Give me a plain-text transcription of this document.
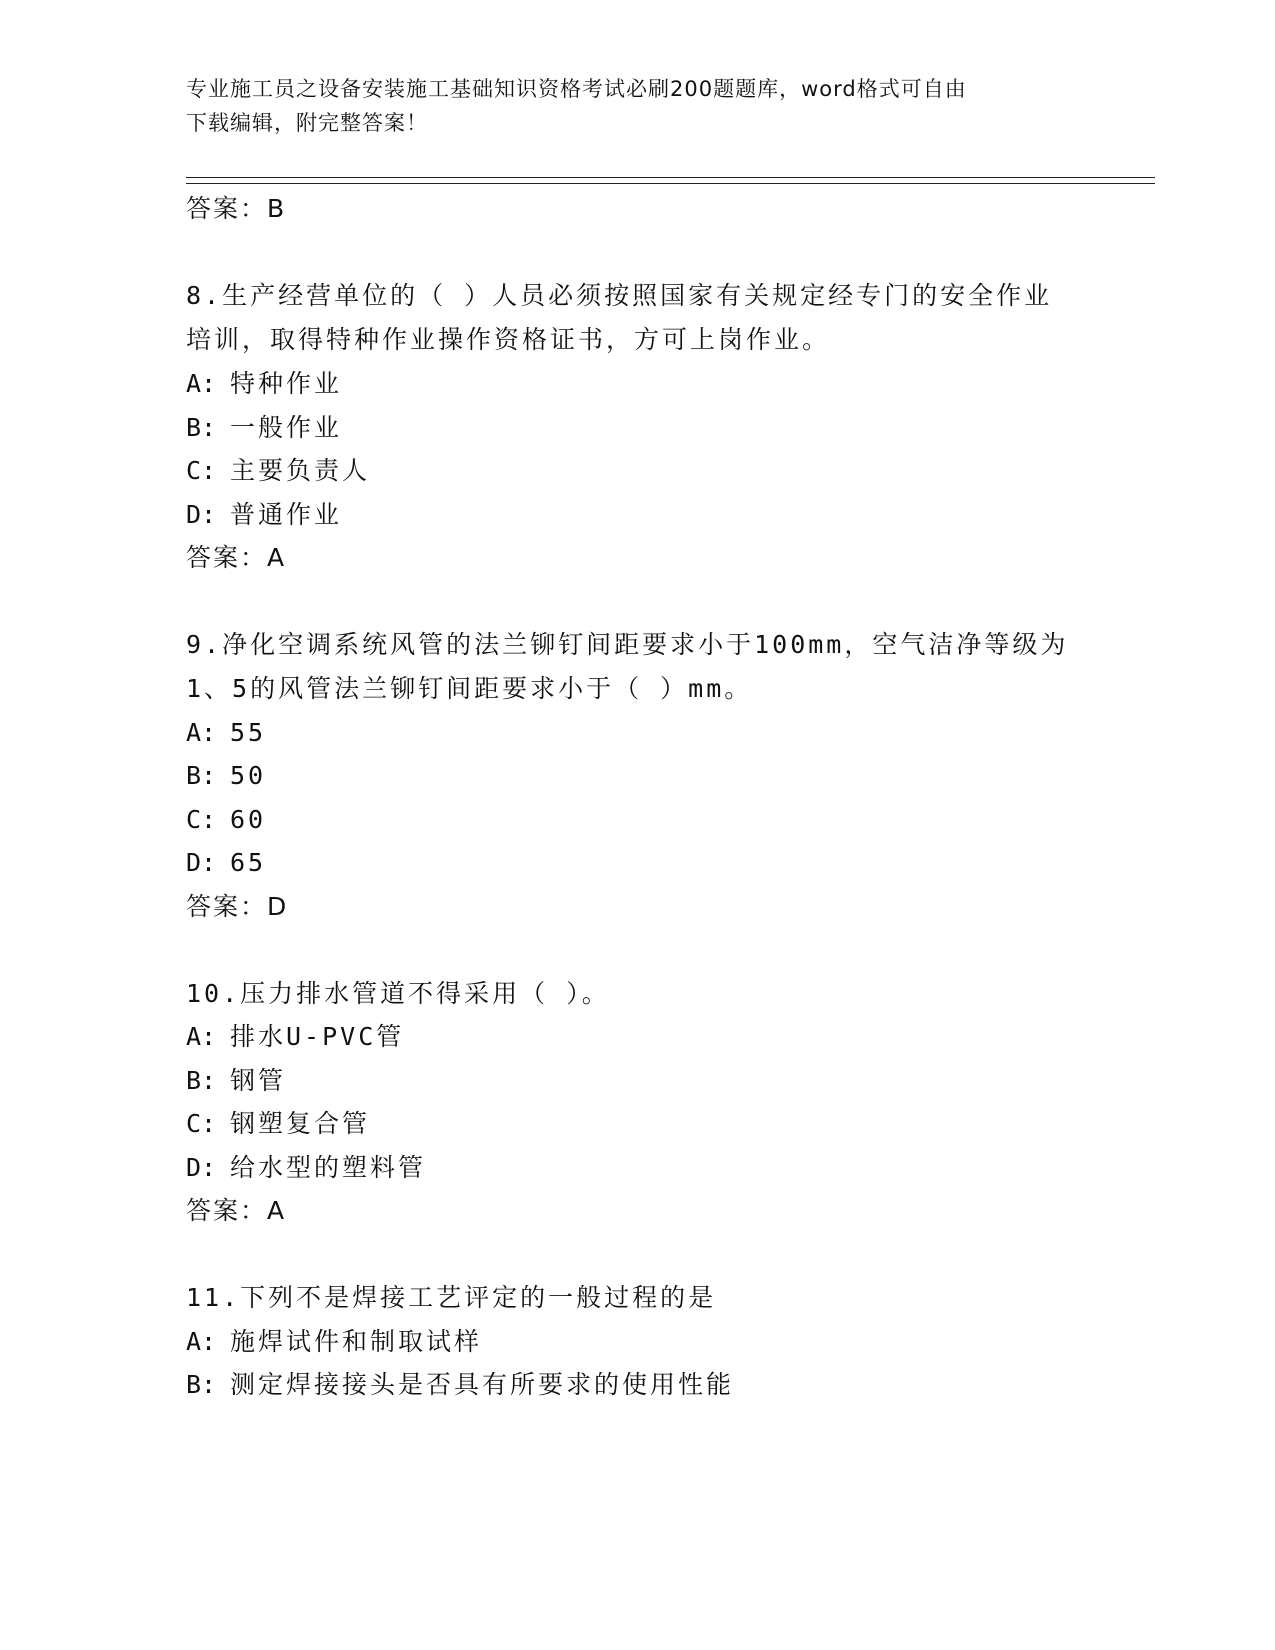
专业施工员之设备安装施工基础知识资格考试必刷200题题库，word格式可自由
下载编辑，附完整答案！
答案：B
8.生产经营单位的（ ）人员必须按照国家有关规定经专门的安全作业
培训，取得特种作业操作资格证书，方可上岗作业。
A: 特种作业
B: 一般作业
C: 主要负责人
D: 普通作业
答案：A
9.净化空调系统风管的法兰铆钉间距要求小于100mm，空气洁净等级为
1、5的风管法兰铆钉间距要求小于（ ）mm。
A: 55
B: 50
C: 60
D: 65
答案：D
10.压力排水管道不得采用（ ）。
A: 排水U-PVC管
B: 钢管
C: 钢塑复合管
D: 给水型的塑料管
答案：A
11.下列不是焊接工艺评定的一般过程的是
A: 施焊试件和制取试样
B: 测定焊接接头是否具有所要求的使用性能
